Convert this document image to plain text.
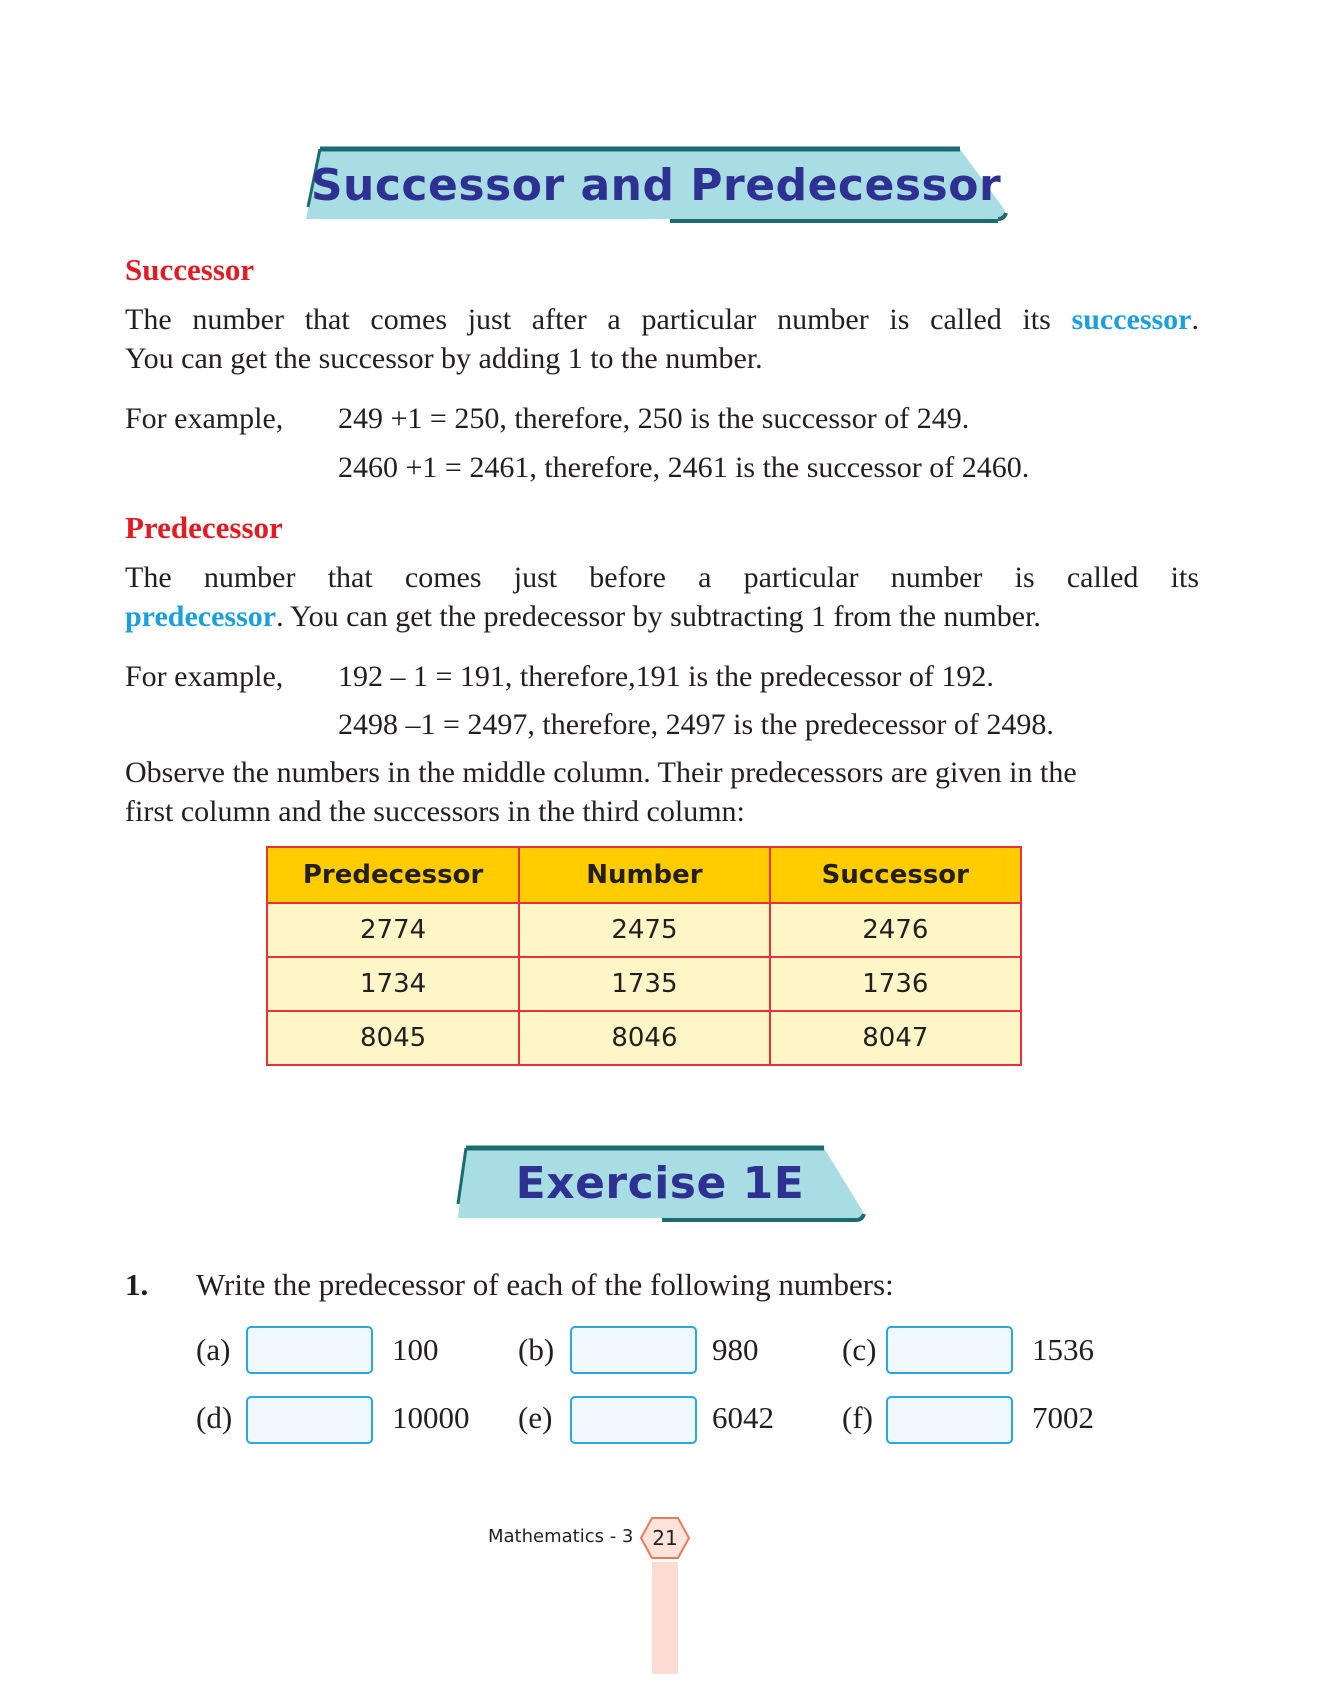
Successor and Predecessor
Successor
The number that comes just after a particular number is called its successor.
You can get the successor by adding 1 to the number.
For example, 249 +1 = 250, therefore, 250 is the successor of 249.
2460 +1 = 2461, therefore, 2461 is the successor of 2460.
Predecessor
The number that comes just before a particular number is called its
predecessor. You can get the predecessor by subtracting 1 from the number.
For example, 192 – 1 = 191, therefore,191 is the predecessor of 192.
2498 –1 = 2497, therefore, 2497 is the predecessor of 2498.
Observe the numbers in the middle column. Their predecessors are given in the
first column and the successors in the third column:
Predecessor	Number	Successor
2774	2475	2476
1734	1735	1736
8045	8046	8047
Exercise 1E
1. Write the predecessor of each of the following numbers:
(a)	100	(b)	980	(c)	1536
(d)	10000 (e)	6042 (f)	7002
Mathematics - 3 21
